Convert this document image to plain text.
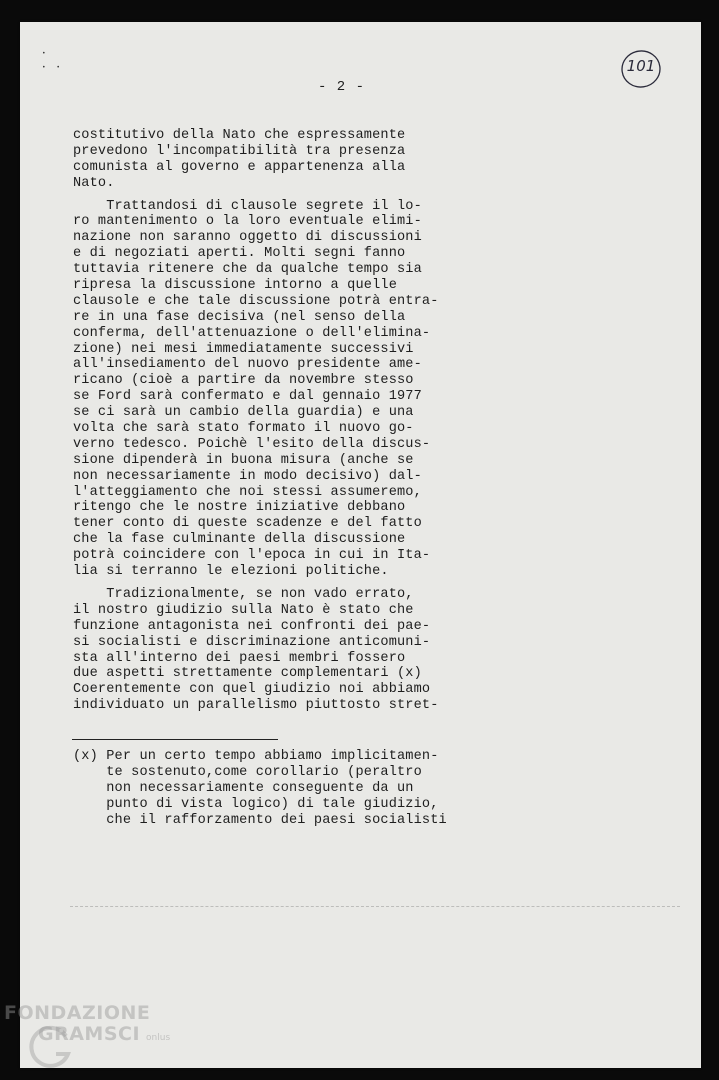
•

•   •
- 2 -
101
costitutivo della Nato che espressamente
prevedono l'incompatibilità tra presenza
comunista al governo e appartenenza alla
Nato.
Trattandosi di clausole segrete il lo-
ro mantenimento o la loro eventuale elimi-
nazione non saranno oggetto di discussioni
e di negoziati aperti. Molti segni fanno
tuttavia ritenere che da qualche tempo sia
ripresa la discussione intorno a quelle
clausole e che tale discussione potrà entra-
re in una fase decisiva (nel senso della
conferma, dell'attenuazione o dell'elimina-
zione) nei mesi immediatamente successivi
all'insediamento del nuovo presidente ame-
ricano (cioè a partire da novembre stesso
se Ford sarà confermato e dal gennaio 1977
se ci sarà un cambio della guardia) e una
volta che sarà stato formato il nuovo go-
verno tedesco. Poichè l'esito della discus-
sione dipenderà in buona misura (anche se
non necessariamente in modo decisivo) dal-
l'atteggiamento che noi stessi assumeremo,
ritengo che le nostre iniziative debbano
tener conto di queste scadenze e del fatto
che la fase culminante della discussione
potrà coincidere con l'epoca in cui in Ita-
lia si terranno le elezioni politiche.
Tradizionalmente, se non vado errato,
il nostro giudizio sulla Nato è stato che
funzione antagonista nei confronti dei pae-
si socialisti e discriminazione anticomuni-
sta all'interno dei paesi membri fossero
due aspetti strettamente complementari (x)
Coerentemente con quel giudizio noi abbiamo
individuato un parallelismo piuttosto stret-
(x) Per un certo tempo abbiamo implicitamen-
te sostenuto,come corollario (peraltro
non necessariamente conseguente da un
punto di vista logico) di tale giudizio,
che il rafforzamento dei paesi socialisti
FONDAZIONE
GRAMSCI onlus
